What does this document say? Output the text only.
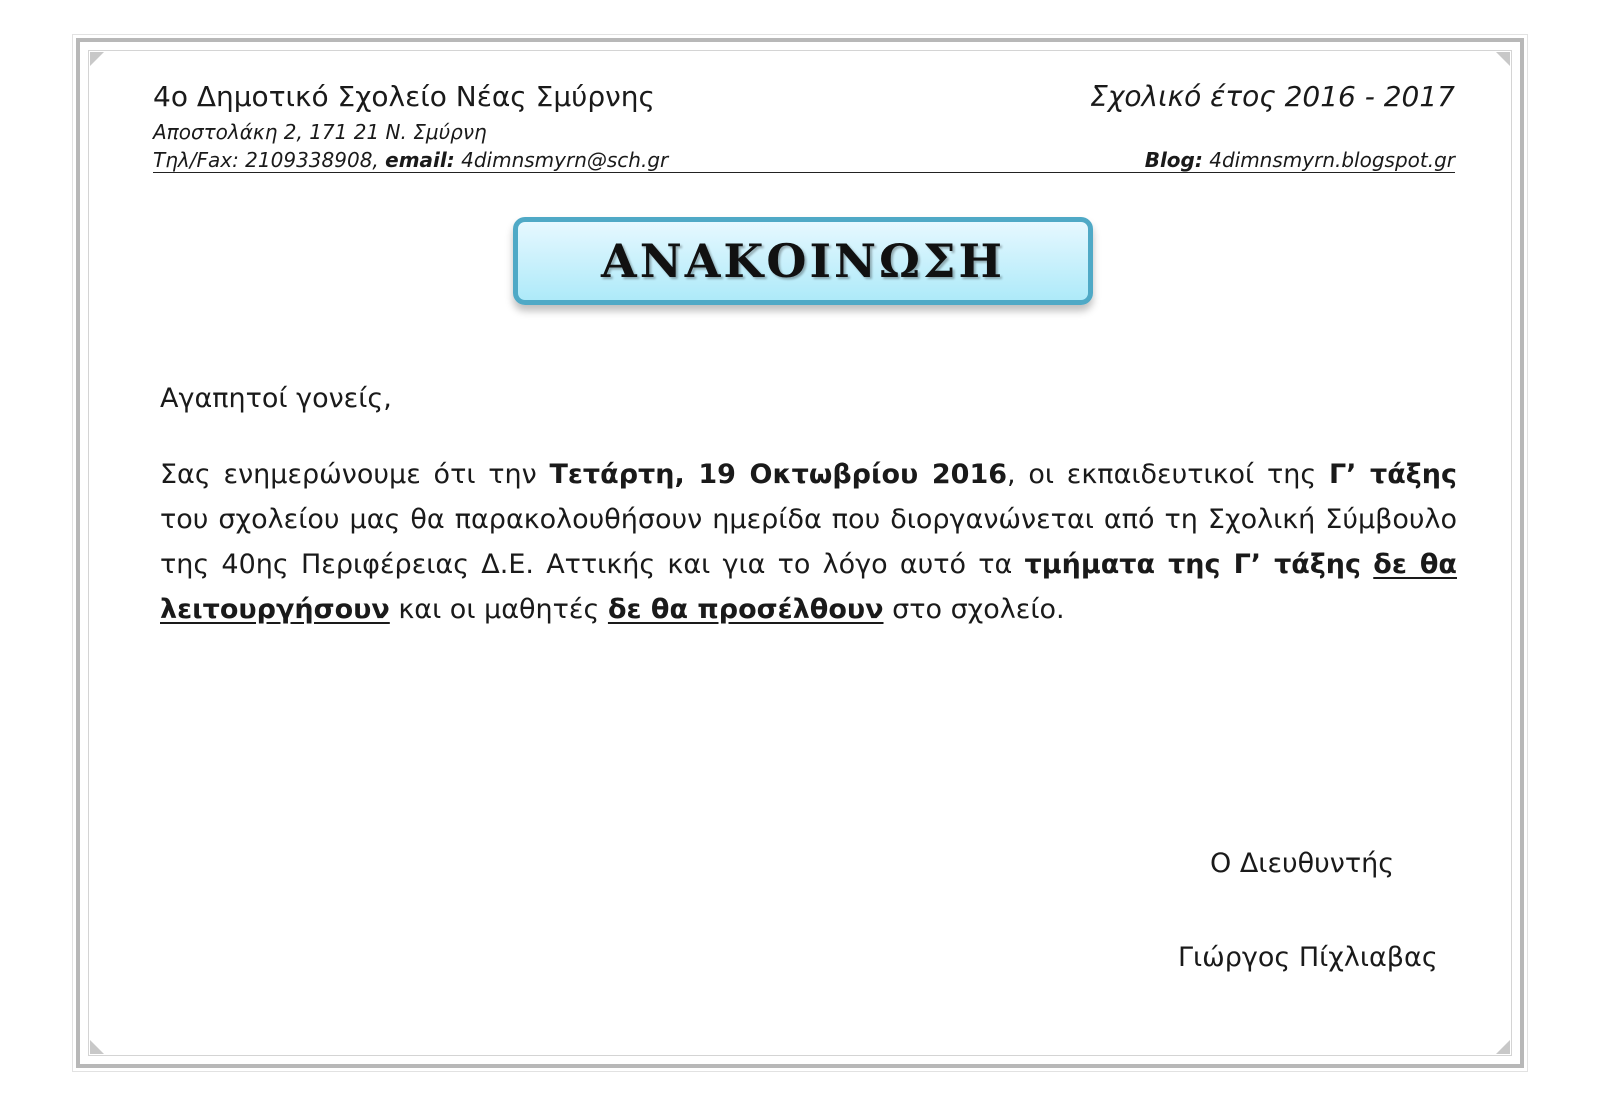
4ο Δημοτικό Σχολείο Νέας Σμύρνης	Σχολικό έτος 2016 - 2017
Αποστολάκη 2, 171 21 Ν. Σμύρνη
Τηλ/Fax: 2109338908, email: 4dimnsmyrn@sch.gr	Blog: 4dimnsmyrn.blogspot.gr
ΑΝΑΚΟΙΝΩΣΗ
Αγαπητοί γονείς,
Σας ενημερώνουμε ότι την Τετάρτη, 19 Οκτωβρίου 2016, οι εκπαιδευτικοί της Γ’ τάξης του σχολείου μας θα παρακολουθήσουν ημερίδα που διοργανώνεται από τη Σχολική Σύμβουλο της 40ης Περιφέρειας Δ.Ε. Αττικής και για το λόγο αυτό τα τμήματα της Γ’ τάξης δε θα λειτουργήσουν και οι μαθητές δε θα προσέλθουν στο σχολείο.
Ο Διευθυντής
Γιώργος Πίχλιαβας
